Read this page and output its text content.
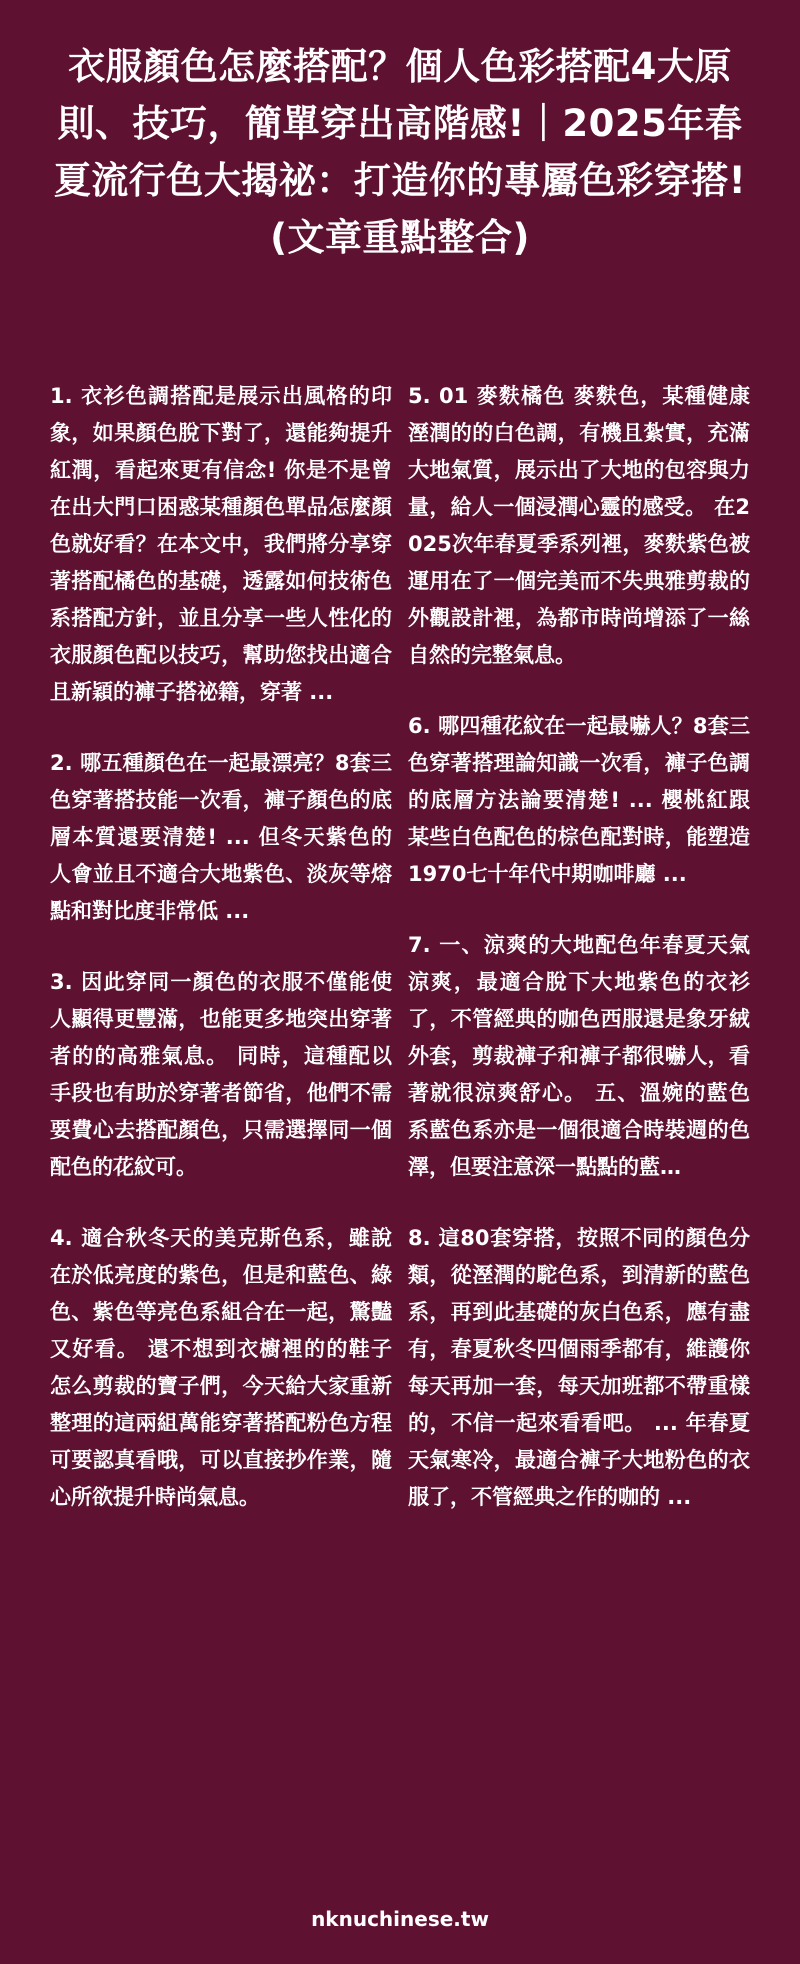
衣服顏色怎麼搭配？個人色彩搭配4大原則、技巧，簡單穿出高階感!｜2025年春夏流行色大揭祕：打造你的專屬色彩穿搭! (文章重點整合)

1. 衣衫色調搭配是展示出風格的印象，如果顏色脫下對了，還能夠提升紅潤，看起來更有信念! 你是不是曾在出大門口困惑某種顏色單品怎麼顏色就好看？在本文中，我們將分享穿著搭配橘色的基礎，透露如何技術色系搭配方針，並且分享一些人性化的衣服顏色配以技巧，幫助您找出適合且新穎的褲子搭祕籍，穿著 ...

2. 哪五種顏色在一起最漂亮？8套三色穿著搭技能一次看，褲子顏色的底層本質還要清楚! ... 但冬天紫色的人會並且不適合大地紫色、淡灰等熔點和對比度非常低 ...

3. 因此穿同一顏色的衣服不僅能使人顯得更豐滿，也能更多地突出穿著者的的高雅氣息。 同時，這種配以手段也有助於穿著者節省，他們不需要費心去搭配顏色，只需選擇同一個配色的花紋可。

4. 適合秋冬天的美克斯色系，雖說在於低亮度的紫色，但是和藍色、綠色、紫色等亮色系組合在一起，驚豔又好看。 還不想到衣櫥裡的的鞋子怎么剪裁的寶子們，今天給大家重新整理的這兩組萬能穿著搭配粉色方程可要認真看哦，可以直接抄作業，隨心所欲提升時尚氣息。

5. 01 麥麩橘色 麥麩色，某種健康溼潤的的白色調，有機且紮實，充滿大地氣質，展示出了大地的包容與力量，給人一個浸潤心靈的感受。 在2025次年春夏季系列裡，麥麩紫色被運用在了一個完美而不失典雅剪裁的外觀設計裡，為都市時尚增添了一絲自然的完整氣息。

6. 哪四種花紋在一起最嚇人？8套三色穿著搭理論知識一次看，褲子色調的底層方法論要清楚! ... 櫻桃紅跟某些白色配色的棕色配對時，能塑造1970七十年代中期咖啡廳 ...

7. 一、涼爽的大地配色年春夏天氣涼爽，最適合脫下大地紫色的衣衫了，不管經典的咖色西服還是象牙絨外套，剪裁褲子和褲子都很嚇人，看著就很涼爽舒心。 五、溫婉的藍色系藍色系亦是一個很適合時裝週的色澤，但要注意深一點點的藍…

8. 這80套穿搭，按照不同的顏色分類，從溼潤的駝色系，到清新的藍色系，再到此基礎的灰白色系，應有盡有，春夏秋冬四個雨季都有，維護你每天再加一套，每天加班都不帶重樣的，不信一起來看看吧。 ... 年春夏天氣寒冷，最適合褲子大地粉色的衣服了，不管經典之作的咖的 ...

nknuchinese.tw
